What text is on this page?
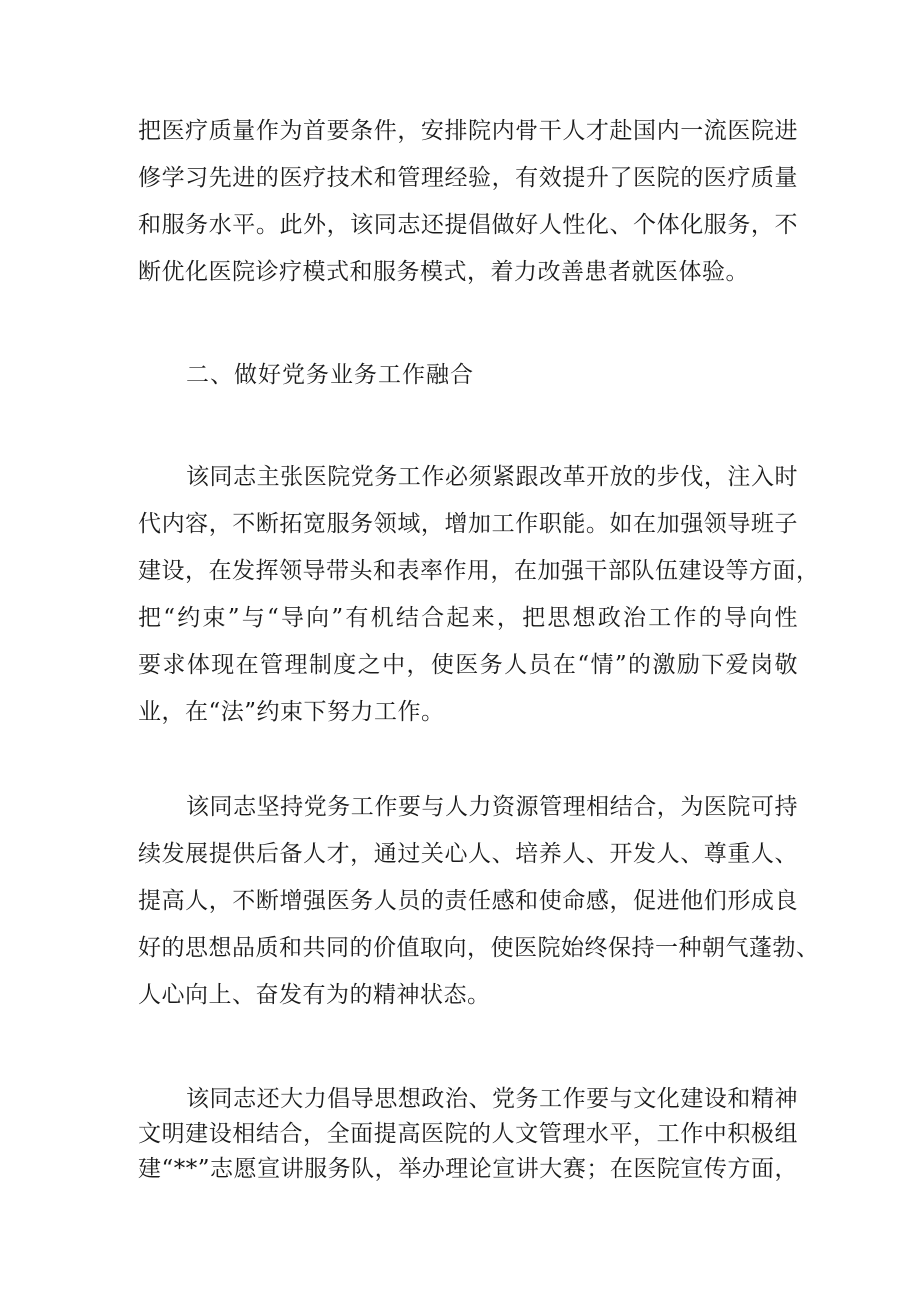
把医疗质量作为首要条件，安排院内骨干人才赴国内一流医院进
修学习先进的医疗技术和管理经验，有效提升了医院的医疗质量
和服务水平。此外，该同志还提倡做好人性化、个体化服务，不
断优化医院诊疗模式和服务模式，着力改善患者就医体验。
二、做好党务业务工作融合
该同志主张医院党务工作必须紧跟改革开放的步伐，注入时
代内容，不断拓宽服务领域，增加工作职能。如在加强领导班子
建设，在发挥领导带头和表率作用，在加强干部队伍建设等方面，
把“约束”与“导向”有机结合起来，把思想政治工作的导向性
要求体现在管理制度之中，使医务人员在“情”的激励下爱岗敬
业，在“法”约束下努力工作。
该同志坚持党务工作要与人力资源管理相结合，为医院可持
续发展提供后备人才，通过关心人、培养人、开发人、尊重人、
提高人，不断增强医务人员的责任感和使命感，促进他们形成良
好的思想品质和共同的价值取向，使医院始终保持一种朝气蓬勃、
人心向上、奋发有为的精神状态。
该同志还大力倡导思想政治、党务工作要与文化建设和精神
文明建设相结合，全面提高医院的人文管理水平，工作中积极组
建“**”志愿宣讲服务队，举办理论宣讲大赛；在医院宣传方面，
